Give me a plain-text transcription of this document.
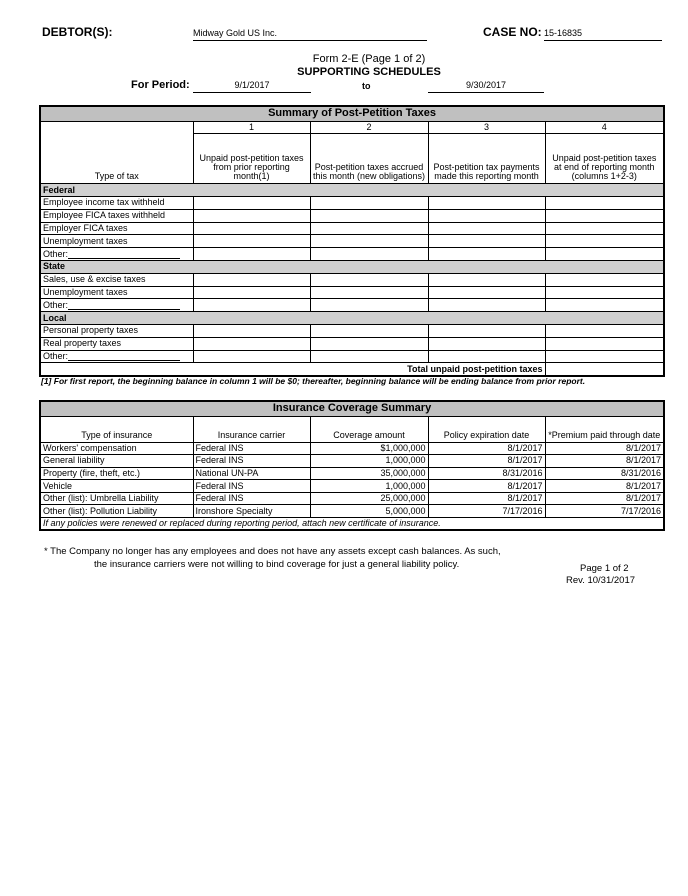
DEBTOR(S):	Midway Gold US Inc.	CASE NO: 15-16835
Form 2-E (Page 1 of 2)
SUPPORTING SCHEDULES
For Period:	9/1/2017	to	9/30/2017
Summary of Post-Petition Taxes				
	1	2	3	4
Type of tax	Unpaid post-petition taxes from prior reporting month(1)	Post-petition taxes accrued this month (new obligations)	Post-petition tax payments made this reporting month	Unpaid post-petition taxes at end of reporting month (columns 1+2-3)
Federal				
Employee income tax withheld				
Employee FICA taxes withheld				
Employer FICA taxes				
Unemployment taxes				
Other:				
State				
Sales, use & excise taxes				
Unemployment taxes				
Other:				
Local				
Personal property taxes				
Real property taxes				
Other:				
Total unpaid post-petition taxes				
[1] For first report, the beginning balance in column 1 will be $0; thereafter, beginning balance will be ending balance from prior report.
Insurance Coverage Summary				
Type of insurance	Insurance carrier	Coverage amount	Policy expiration date	*Premium paid through date
Workers' compensation	Federal INS	$1,000,000	8/1/2017	8/1/2017
General liability	Federal INS	1,000,000	8/1/2017	8/1/2017
Property (fire, theft, etc.)	National UN-PA	35,000,000	8/31/2016	8/31/2016
Vehicle	Federal INS	1,000,000	8/1/2017	8/1/2017
Other (list): Umbrella Liability	Federal INS	25,000,000	8/1/2017	8/1/2017
Other (list): Pollution Liability	Ironshore Specialty	5,000,000	7/17/2016	7/17/2016
If any policies were renewed or replaced during reporting period, attach new certificate of insurance.				
* The Company no longer has any employees and does not have any assets except cash balances. As such,
the insurance carriers were not willing to bind coverage for just a general liability policy.	Page 1 of 2
Rev. 10/31/2017
